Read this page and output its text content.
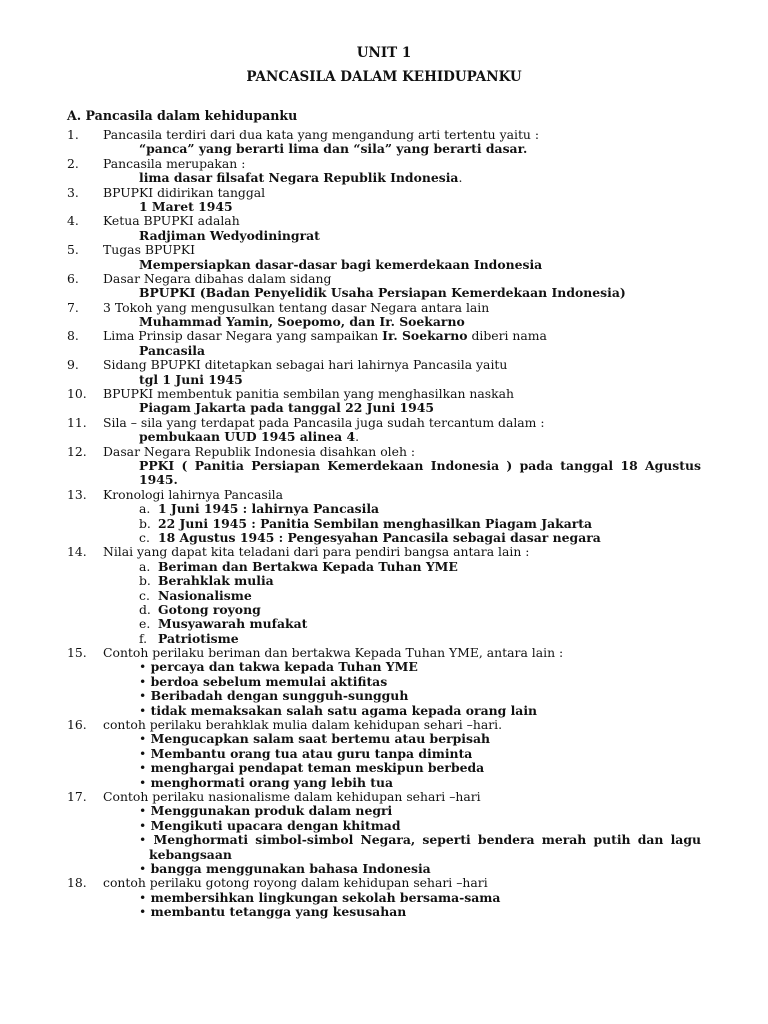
UNIT 1
PANCASILA DALAM KEHIDUPANKU
A. Pancasila dalam kehidupanku
1. Pancasila terdiri dari dua kata yang mengandung arti tertentu yaitu :
“panca” yang berarti lima dan “sila” yang berarti dasar.
2. Pancasila merupakan :
lima dasar filsafat Negara Republik Indonesia.
3. BPUPKI didirikan tanggal
1 Maret 1945
4. Ketua BPUPKI adalah
Radjiman Wedyodiningrat
5. Tugas BPUPKI
Mempersiapkan dasar-dasar bagi kemerdekaan Indonesia
6. Dasar Negara dibahas dalam sidang
BPUPKI (Badan Penyelidik Usaha Persiapan Kemerdekaan Indonesia)
7. 3 Tokoh yang mengusulkan tentang dasar Negara antara lain
Muhammad Yamin, Soepomo, dan Ir. Soekarno
8. Lima Prinsip dasar Negara yang sampaikan Ir. Soekarno diberi nama
Pancasila
9. Sidang BPUPKI ditetapkan sebagai hari lahirnya Pancasila yaitu
tgl 1 Juni 1945
10. BPUPKI membentuk panitia sembilan yang menghasilkan naskah
Piagam Jakarta pada tanggal 22 Juni 1945
11. Sila – sila yang terdapat pada Pancasila juga sudah tercantum dalam :
pembukaan UUD 1945 alinea 4.
12. Dasar Negara Republik Indonesia disahkan oleh :
PPKI ( Panitia Persiapan Kemerdekaan Indonesia ) pada tanggal 18 Agustus 1945.
13. Kronologi lahirnya Pancasila
a. 1 Juni 1945 : lahirnya Pancasila
b. 22 Juni 1945 : Panitia Sembilan menghasilkan Piagam Jakarta
c. 18 Agustus 1945 : Pengesyahan Pancasila sebagai dasar negara
14. Nilai yang dapat kita teladani dari para pendiri bangsa antara lain :
a. Beriman dan Bertakwa Kepada Tuhan YME
b. Berahklak mulia
c. Nasionalisme
d. Gotong royong
e. Musyawarah mufakat
f. Patriotisme
15. Contoh perilaku beriman dan bertakwa Kepada Tuhan YME, antara lain :
• percaya dan takwa kepada Tuhan YME
• berdoa sebelum memulai aktifitas
• Beribadah dengan sungguh-sungguh
• tidak memaksakan salah satu agama kepada orang lain
16. contoh perilaku berahklak mulia dalam kehidupan sehari –hari.
• Mengucapkan salam saat bertemu atau berpisah
• Membantu orang tua atau guru tanpa diminta
• menghargai pendapat teman meskipun berbeda
• menghormati orang yang lebih tua
17. Contoh perilaku nasionalisme dalam kehidupan sehari –hari
• Menggunakan produk dalam negri
• Mengikuti upacara dengan khitmad
• Menghormati simbol-simbol Negara, seperti bendera merah putih dan lagu kebangsaan
• bangga menggunakan bahasa Indonesia
18. contoh perilaku gotong royong dalam kehidupan sehari –hari
• membersihkan lingkungan sekolah bersama-sama
• membantu tetangga yang kesusahan
